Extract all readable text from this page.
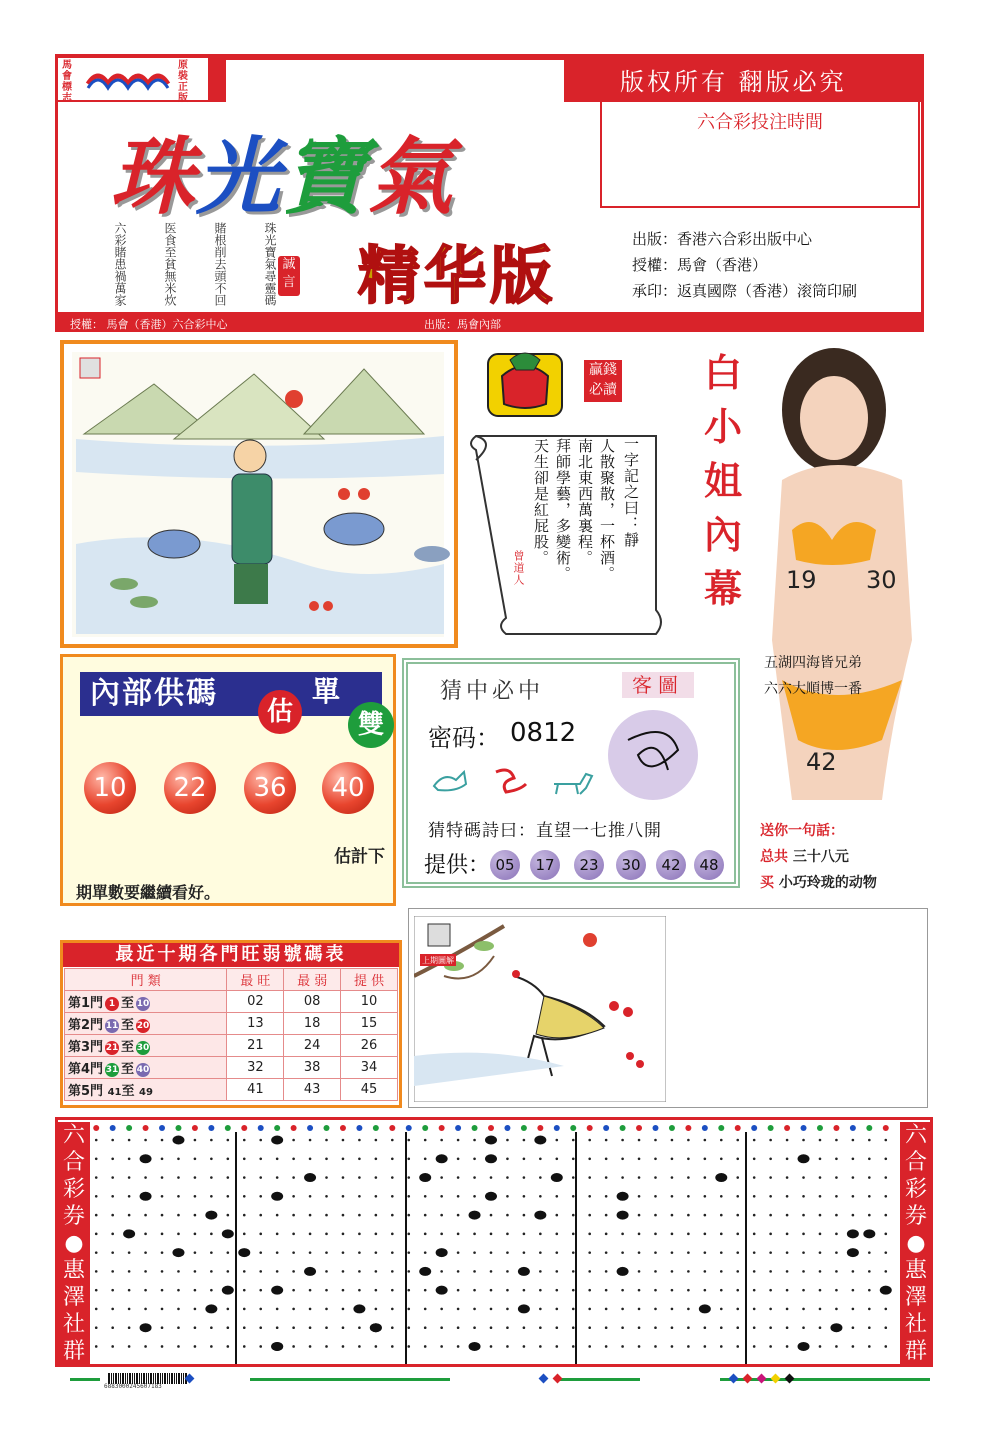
馬會標志
原裝正版
版权所有 翻版必究
珠光寶氣
珠光寶氣尋靈碼
賭根削去頭不回
医食至貧無米炊
六彩賭患禍萬家	誠言 精华版
六合彩投注時間
出版：香港六合彩出版中心
授權：馬會（香港）
承印：返真國際（香港）滚筒印刷
授權： 馬會（香港）六合彩中心	出版：馬會內部
贏錢必讀
一字記之曰：靜
人散聚散，一杯酒。
南北東西萬裏程。
拜師學藝，多變術。
天生卻是紅屁股。
曾道人
白小姐內幕 19 30
42
五湖四海皆兄弟
六六大順博一番
送你一句話：
总共 三十八元
买 小巧玲珑的动物
內部供碼
估
單
雙
10	22	36	40
估計下
期單數要繼續看好。
猜中必中	客圖
密码： 0812
猜特碼詩曰：直望一七推八開
提供： 05	17	23	30	42	48
最近十期各門旺弱號碼表
門 類	最 旺	最 弱	提 供
第1門 1 至 10	02	08	10
第2門 11 至 20	13	18	15
第3門 21 至 30	21	24	26
第4門 31 至 40	32	38	34
第5門 41至 49	41	43	45
上期圖解
六
合
彩
券
●
惠
澤
社
群
六
合
彩
券
●
惠
澤
社
群
6883000245607183
